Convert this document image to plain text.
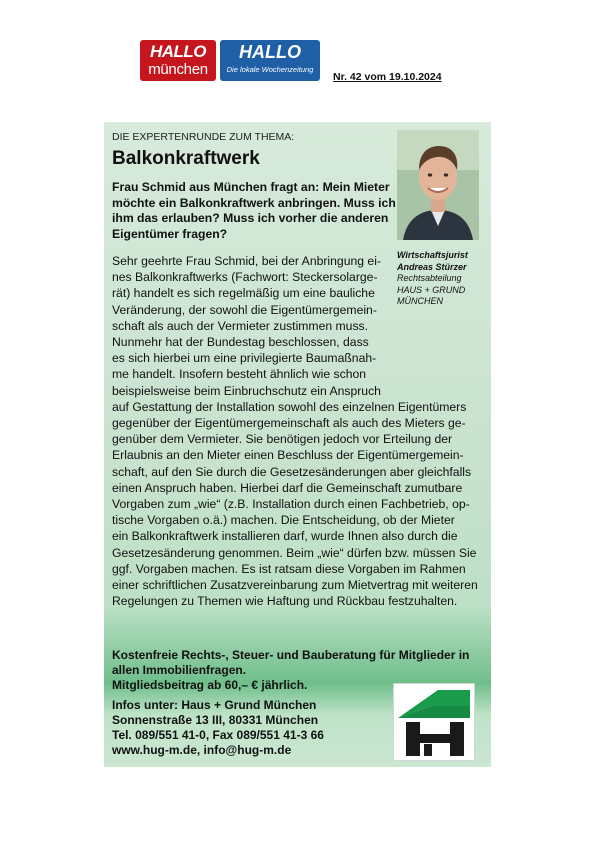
HALLO
münchen
HALLO
Die lokale Wochenzeitung
Nr. 42 vom 19.10.2024
DIE EXPERTENRUNDE ZUM THEMA:
Balkonkraftwerk
Frau Schmid aus München fragt an: Mein Mieter
möchte ein Balkonkraftwerk anbringen. Muss ich
ihm das erlauben? Muss ich vorher die anderen
Eigentümer fragen?
Wirtschaftsjurist
Andreas Stürzer
Rechtsabteilung
HAUS + GRUND
MÜNCHEN
Sehr geehrte Frau Schmid, bei der Anbringung ei-
nes Balkonkraftwerks (Fachwort: Steckersolarge-
rät) handelt es sich regelmäßig um eine bauliche
Veränderung, der sowohl die Eigentümergemein-
schaft als auch der Vermieter zustimmen muss.
Nunmehr hat der Bundestag beschlossen, dass
es sich hierbei um eine privilegierte Baumaßnah-
me handelt. Insofern besteht ähnlich wie schon
beispielsweise beim Einbruchschutz ein Anspruch
auf Gestattung der Installation sowohl des einzelnen Eigentümers
gegenüber der Eigentümergemeinschaft als auch des Mieters ge-
genüber dem Vermieter. Sie benötigen jedoch vor Erteilung der
Erlaubnis an den Mieter einen Beschluss der Eigentümergemein-
schaft, auf den Sie durch die Gesetzesänderungen aber gleichfalls
einen Anspruch haben. Hierbei darf die Gemeinschaft zumutbare
Vorgaben zum „wie“ (z.B. Installation durch einen Fachbetrieb, op-
tische Vorgaben o.ä.) machen. Die Entscheidung, ob der Mieter
ein Balkonkraftwerk installieren darf, wurde Ihnen also durch die
Gesetzesänderung genommen. Beim „wie“ dürfen bzw. müssen Sie
ggf. Vorgaben machen. Es ist ratsam diese Vorgaben im Rahmen
einer schriftlichen Zusatzvereinbarung zum Mietvertrag mit weiteren
Regelungen zu Themen wie Haftung und Rückbau festzuhalten.
Kostenfreie Rechts-, Steuer- und Bauberatung für Mitglieder in
allen Immobilienfragen.
Mitgliedsbeitrag ab 60,– € jährlich.
Infos unter: Haus + Grund München
Sonnenstraße 13 III, 80331 München
Tel. 089/551 41-0, Fax 089/551 41-3 66
www.hug-m.de, info@hug-m.de
